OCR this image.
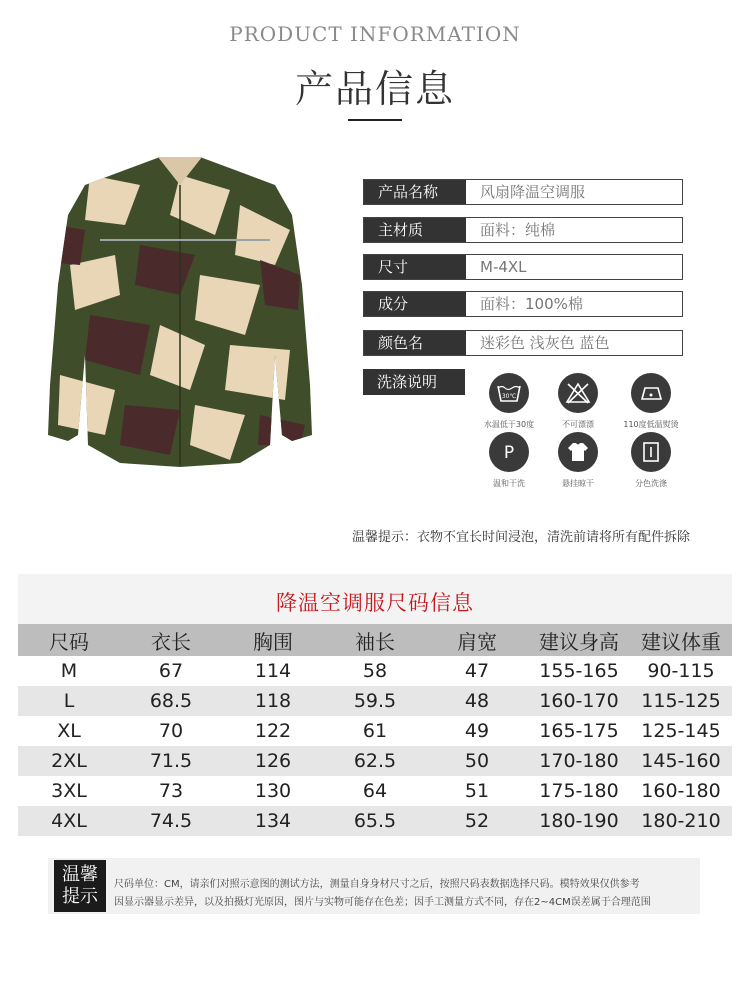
PRODUCT INFORMATION
产品信息
产品名称	风扇降温空调服
主材质	面料：纯棉
尺寸	M-4XL
成分	面料：100%棉
颜色名	迷彩色 浅灰色 蓝色
洗涤说明
30℃
水温低于30度	不可漂漂	110度低温熨烫
P
温和干洗	悬挂晾干	分色洗涤
温馨提示：衣物不宜长时间浸泡，清洗前请将所有配件拆除
降温空调服尺码信息
尺码	衣长	胸围	袖长	肩宽	建议身高	建议体重
M	67	114	58	47	155-165	90-115
L	68.5	118	59.5	48	160-170	115-125
XL	70	122	61	49	165-175	125-145
2XL	71.5	126	62.5	50	170-180	145-160
3XL	73	130	64	51	175-180	160-180
4XL	74.5	134	65.5	52	180-190	180-210
温馨
提示
尺码单位：CM，请亲们对照示意图的测试方法，测量自身身材尺寸之后，按照尺码表数据选择尺码。模特效果仅供参考
因显示器显示差异，以及拍摄灯光原因，图片与实物可能存在色差；因手工测量方式不同，存在2~4CM误差属于合理范围
